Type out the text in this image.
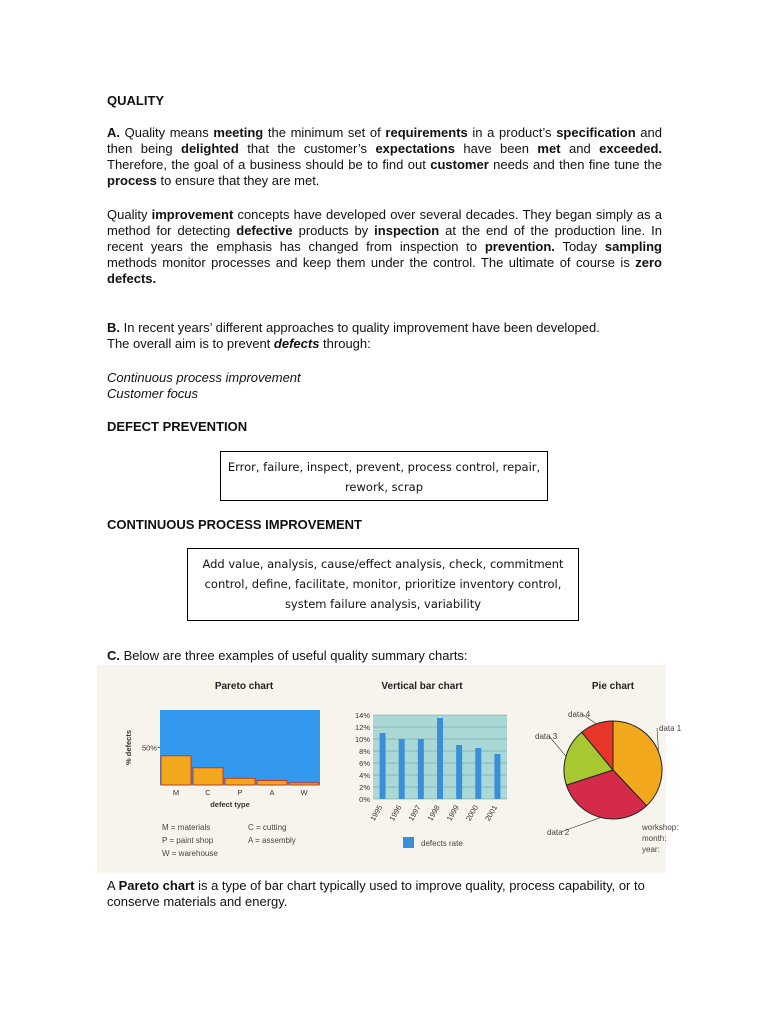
QUALITY

A. Quality means meeting the minimum set of requirements in a product’s specification and then being delighted that the customer’s expectations have been met and exceeded. Therefore, the goal of a business should be to find out customer needs and then fine tune the process to ensure that they are met.

Quality improvement concepts have developed over several decades. They began simply as a method for detecting defective products by inspection at the end of the production line. In recent years the emphasis has changed from inspection to prevention. Today sampling methods monitor processes and keep them under the control. The ultimate of course is zero defects.

B. In recent years’ different approaches to quality improvement have been developed.
The overall aim is to prevent defects through:

Continuous process improvement
Customer focus

DEFECT PREVENTION
Error, failure, inspect, prevent, process control, repair,
rework, scrap
CONTINUOUS PROCESS IMPROVEMENT
Add value, analysis, cause/effect analysis, check, commitment
control, define, facilitate, monitor, prioritize inventory control,
system failure analysis, variability

C. Below are three examples of useful quality summary charts:

Pareto chart
M	C	P	A	W
50%
% defects
defect type
M = materials	C = cutting
P = paint shop	A = assembly
W = warehouse
Vertical bar chart
0%
2%
4%
6%
8%
10%
12%
14%
1995 1996 1997 1998 1999 2000 2001
defects rate
Pie chart
data 1
data 2
data 3
data 4
workshop:
month:
year:

A Pareto chart is a type of bar chart typically used to improve quality, process capability, or to conserve materials and energy.
